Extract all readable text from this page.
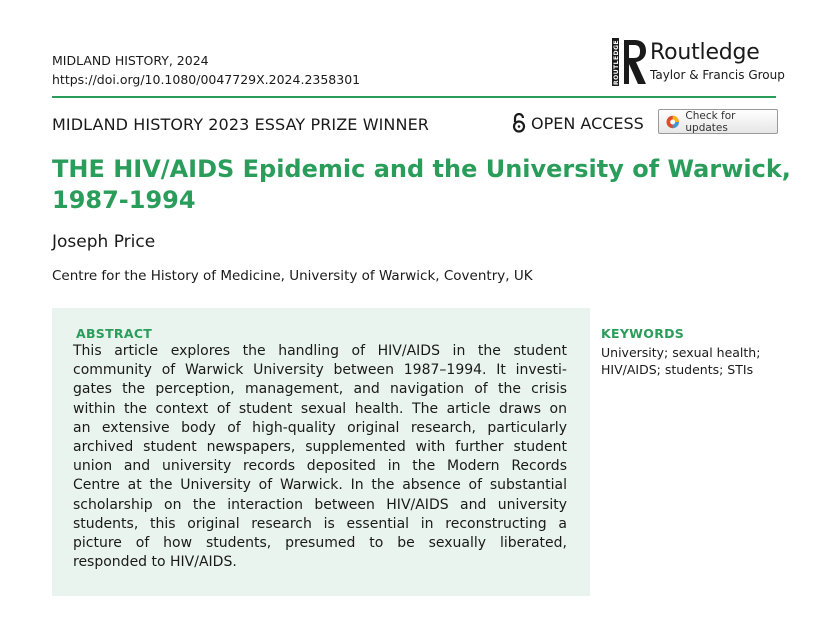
MIDLAND HISTORY, 2024
https://doi.org/10.1080/0047729X.2024.2358301	ROUTLEDGE Routledge
Taylor & Francis Group
MIDLAND HISTORY 2023 ESSAY PRIZE WINNER	OPEN ACCESS	Check for updates
THE HIV/AIDS Epidemic and the University of Warwick,
1987-1994
Joseph Price
Centre for the History of Medicine, University of Warwick, Coventry, UK
ABSTRACT
This article explores the handling of HIV/AIDS in the student
community of Warwick University between 1987–1994. It investi-
gates the perception, management, and navigation of the crisis
within the context of student sexual health. The article draws on
an extensive body of high-quality original research, particularly
archived student newspapers, supplemented with further student
union and university records deposited in the Modern Records
Centre at the University of Warwick. In the absence of substantial
scholarship on the interaction between HIV/AIDS and university
students, this original research is essential in reconstructing a
picture of how students, presumed to be sexually liberated,
responded to HIV/AIDS.
KEYWORDS
University; sexual health;
HIV/AIDS; students; STIs
